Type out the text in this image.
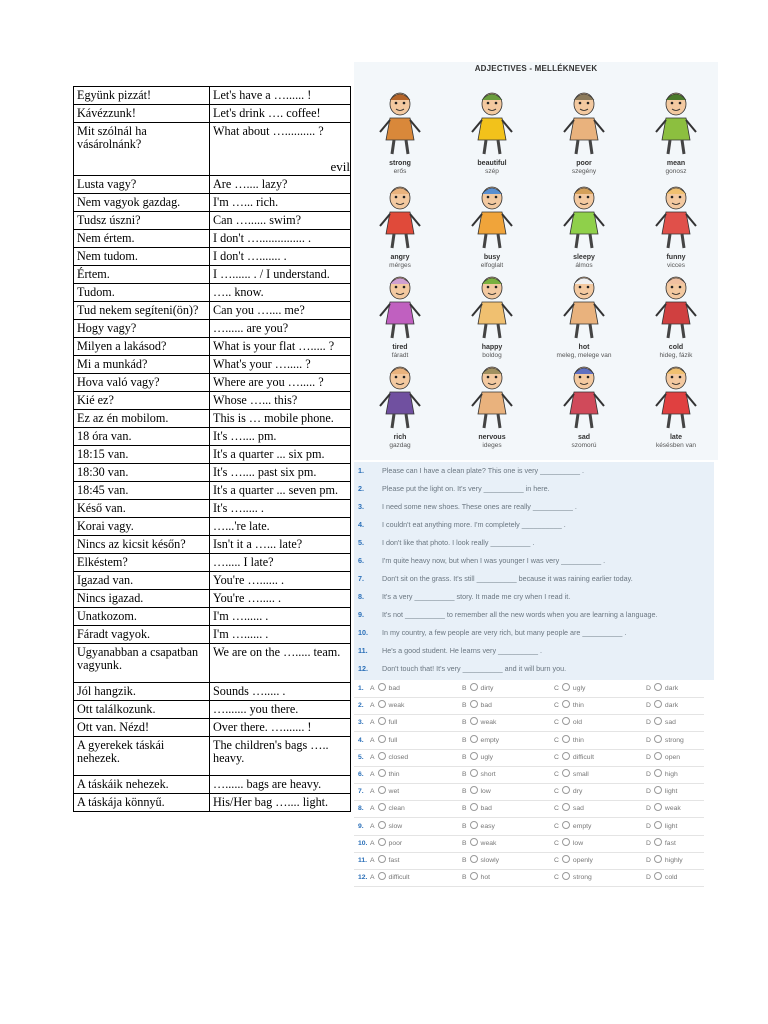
Együnk pizzát!	Let's have a …...... !
Kávézzunk!	Let's drink …. coffee!
Mit szólnál ha vásárolnánk?	What about ….......... ?
evil

Lusta vagy?	Are ….... lazy?
Nem vagyok gazdag.	I'm …... rich.
Tudsz úszni?	Can …...... swim?
Nem értem.	I don't …............... .
Nem tudom.	I don't …....... .
Értem.	I …...... . / I understand.
Tudom.	….. know.
Tud nekem segíteni(ön)?	Can you ….... me?
Hogy vagy?	…...... are you?
Milyen a lakásod?	What is your flat …..... ?
Mi a munkád?	What's your …..... ?
Hova való vagy?	Where are you …..... ?
Kié ez?	Whose …... this?
Ez az én mobilom.	This is … mobile phone.
18 óra van.	It's ….... pm.
18:15 van.	It's a quarter ... six pm.
18:30 van.	It's ….... past six pm.
18:45 van.	It's a quarter ... seven pm.
Késő van.	It's …..... .
Korai vagy.	…...'re late.
Nincs az kicsit későn?	Isn't it a …... late?
Elkéstem?	…..... I late?
Igazad van.	You're …...... .
Nincs igazad.	You're …..... .
Unatkozom.	I'm …...... .
Fáradt vagyok.	I'm …...... .
Ugyanabban a csapatban vagyunk.	We are on the …..... team.
Jól hangzik.	Sounds …..... .
Ott találkozunk.	…....... you there.
Ott van. Nézd!	Over there. …....... !
A gyerekek táskái nehezek.	The children's bags ….. heavy.
A táskáik nehezek.	…...... bags are heavy.
A táskája könnyű.	His/Her bag ….... light.
ADJECTIVES - MELLÉKNEVEK
strong
erős
beautiful
szép
poor
szegény
mean
gonosz
angry
mérges
busy
elfoglalt
sleepy
álmos
funny
vicces
tired
fáradt
happy
boldog
hot
meleg, melege van
cold
hideg, fázik
rich
gazdag
nervous
ideges
sad
szomorú
late
késésben van
1.	Please can I have a clean plate? This one is very __________ .
2.	Please put the light on. It's very __________ in here.
3.	I need some new shoes. These ones are really __________ .
4.	I couldn't eat anything more. I'm completely __________ .
5.	I don't like that photo. I look really __________ .
6.	I'm quite heavy now, but when I was younger I was very __________ .
7.	Don't sit on the grass. It's still __________ because it was raining earlier today.
8.	It's a very __________ story. It made me cry when I read it.
9.	It's not __________ to remember all the new words when you are learning a language.
10.	In my country, a few people are very rich, but many people are __________ .
11.	He's a good student. He learns very __________ .
12.	Don't touch that! It's very __________ and it will burn you.
1. A bad	B dirty	C ugly	D dark
2. A weak	B bad	C thin	D dark
3. A full	B weak	C old	D sad
4. A full	B empty	C thin	D strong
5. A closed	B ugly	C difficult	D open
6. A thin	B short	C small	D high
7. A wet	B low	C dry	D light
8. A clean	B bad	C sad	D weak
9. A slow	B easy	C empty	D light
10. A poor	B weak	C low	D fast
11. A fast	B slowly	C openly	D highly
12. A difficult	B hot	C strong	D cold
